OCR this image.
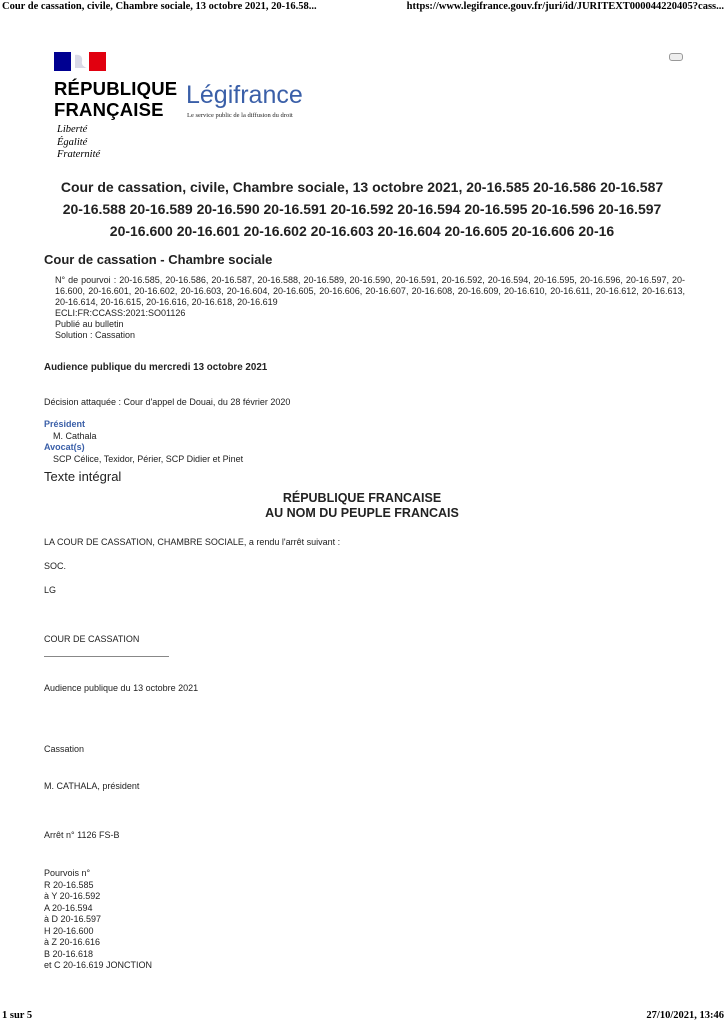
Cour de cassation, civile, Chambre sociale, 13 octobre 2021, 20-16.58...	https://www.legifrance.gouv.fr/juri/id/JURITEXT000044220405?cass...
RÉPUBLIQUE
FRANÇAISE
Liberté
Égalité
Fraternité
Légifrance
Le service public de la diffusion du droit
Cour de cassation, civile, Chambre sociale, 13 octobre 2021, 20-16.585 20-16.586 20-16.587
20-16.588 20-16.589 20-16.590 20-16.591 20-16.592 20-16.594 20-16.595 20-16.596 20-16.597
20-16.600 20-16.601 20-16.602 20-16.603 20-16.604 20-16.605 20-16.606 20-16
Cour de cassation - Chambre sociale

N° de pourvoi : 20-16.585, 20-16.586, 20-16.587, 20-16.588, 20-16.589, 20-16.590, 20-16.591, 20-16.592, 20-16.594, 20-16.595, 20-16.596, 20-16.597, 20-16.600, 20-16.601, 20-16.602, 20-16.603, 20-16.604, 20-16.605, 20-16.606, 20-16.607, 20-16.608, 20-16.609, 20-16.610, 20-16.611, 20-16.612, 20-16.613, 20-16.614, 20-16.615, 20-16.616, 20-16.618, 20-16.619

ECLI:FR:CCASS:2021:SO01126

Publié au bulletin

Solution : Cassation

Audience publique du mercredi 13 octobre 2021
Décision attaquée : Cour d'appel de Douai, du 28 février 2020
Président
M. Cathala
Avocat(s)
SCP Célice, Texidor, Périer, SCP Didier et Pinet
Texte intégral
RÉPUBLIQUE FRANCAISE
AU NOM DU PEUPLE FRANCAIS
LA COUR DE CASSATION, CHAMBRE SOCIALE, a rendu l'arrêt suivant :
SOC.
LG
COUR DE CASSATION
Audience publique du 13 octobre 2021
Cassation
M. CATHALA, président
Arrêt n° 1126 FS-B
Pourvois n°
R 20-16.585
à Y 20-16.592
A 20-16.594
à D 20-16.597
H 20-16.600
à Z 20-16.616
B 20-16.618
et C 20-16.619 JONCTION
1 sur 5	27/10/2021, 13:46
